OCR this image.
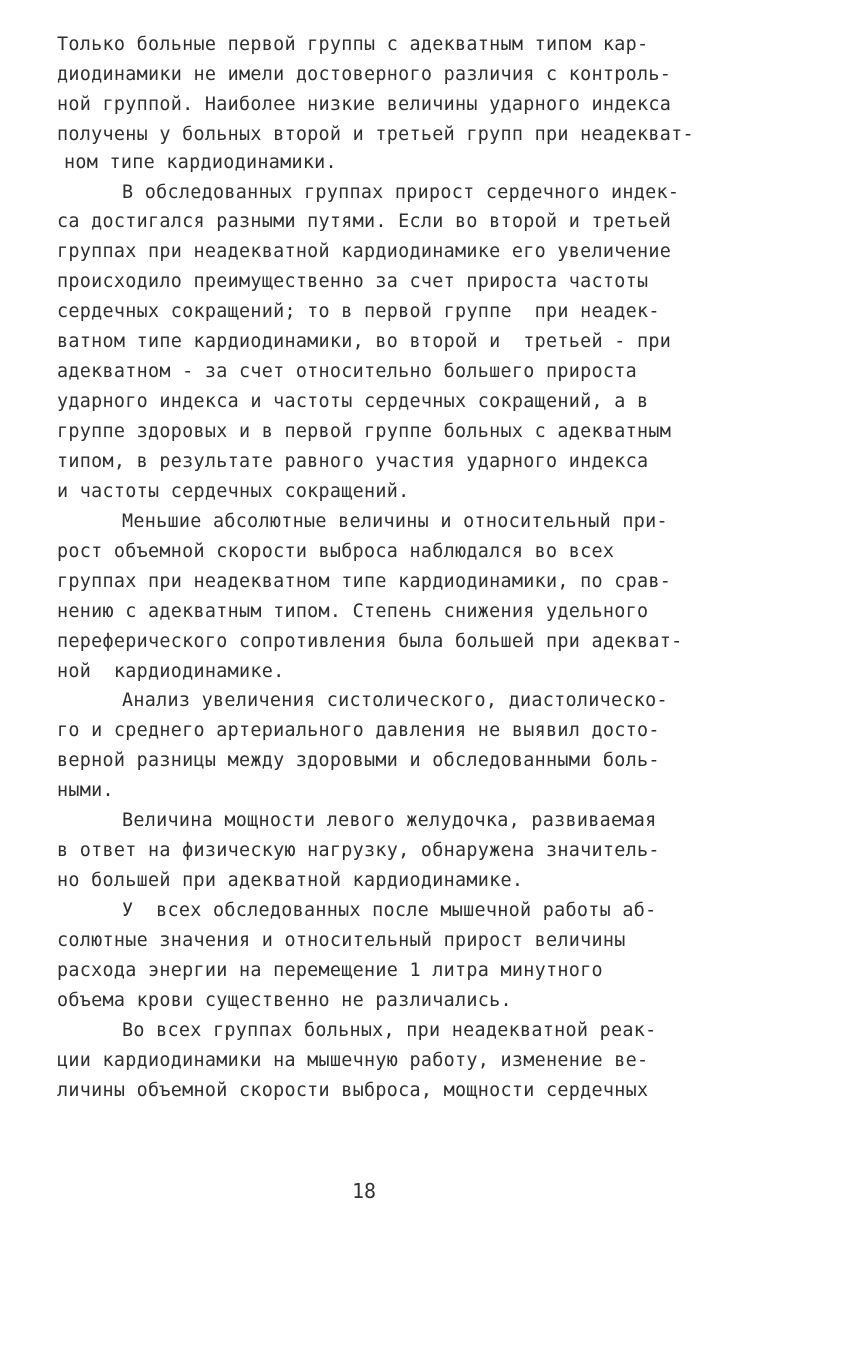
Только больные первой группы с адекватным типом кар-
диодинамики не имели достоверного различия с контроль-
ной группой. Наиболее низкие величины ударного индекса
получены у больных второй и третьей групп при неадекват-
ном типе кардиодинамики.
В обследованных группах прирост сердечного индек-
са достигался разными путями. Если во второй и третьей
группах при неадекватной кардиодинамике его увеличение
происходило преимущественно за счет прироста частоты
сердечных сокращений; то в первой группе  при неадек-
ватном типе кардиодинамики, во второй и  третьей - при
адекватном - за счет относительно большего прироста
ударного индекса и частоты сердечных сокращений, а в
группе здоровых и в первой группе больных с адекватным
типом, в результате равного участия ударного индекса
и частоты сердечных сокращений.
Меньшие абсолютные величины и относительный при-
рост объемной скорости выброса наблюдался во всех
группах при неадекватном типе кардиодинамики, по срав-
нению с адекватным типом. Степень снижения удельного
переферического сопротивления была большей при адекват-
ной  кардиодинамике.
Анализ увеличения систолического, диастолическо-
го и среднего артериального давления не выявил досто-
верной разницы между здоровыми и обследованными боль-
ными.
Величина мощности левого желудочка, развиваемая
в ответ на физическую нагрузку, обнаружена значитель-
но большей при адекватной кардиодинамике.
У  всех обследованных после мышечной работы аб-
солютные значения и относительный прирост величины
расхода энергии на перемещение 1 литра минутного
объема крови существенно не различались.
Во всех группах больных, при неадекватной реак-
ции кардиодинамики на мышечную работу, изменение ве-
личины объемной скорости выброса, мощности сердечных
18
